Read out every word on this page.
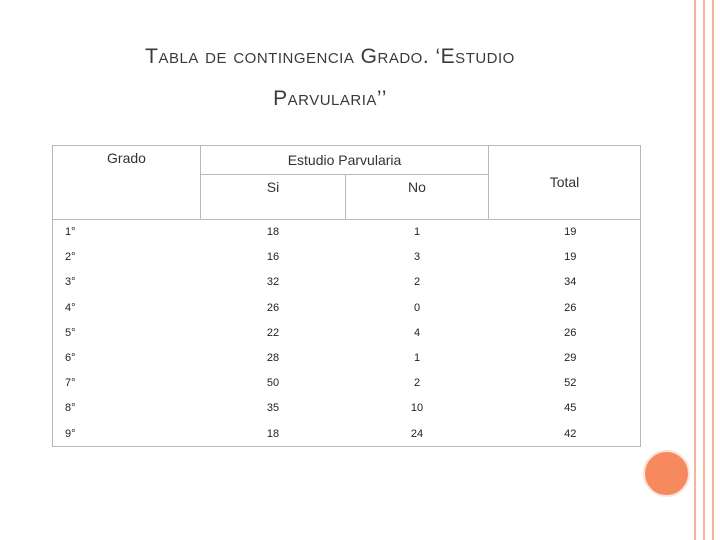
Tabla de contingencia Grado. ‘Estudio
Parvularia’’
Grado	Estudio Parvularia		
	Si	No	Total
1°	18	1	19
2°	16	3	19
3°	32	2	34
4°	26	0	26
5°	22	4	26
6°	28	1	29
7°	50	2	52
8°	35	10	45
9°	18	24	42
